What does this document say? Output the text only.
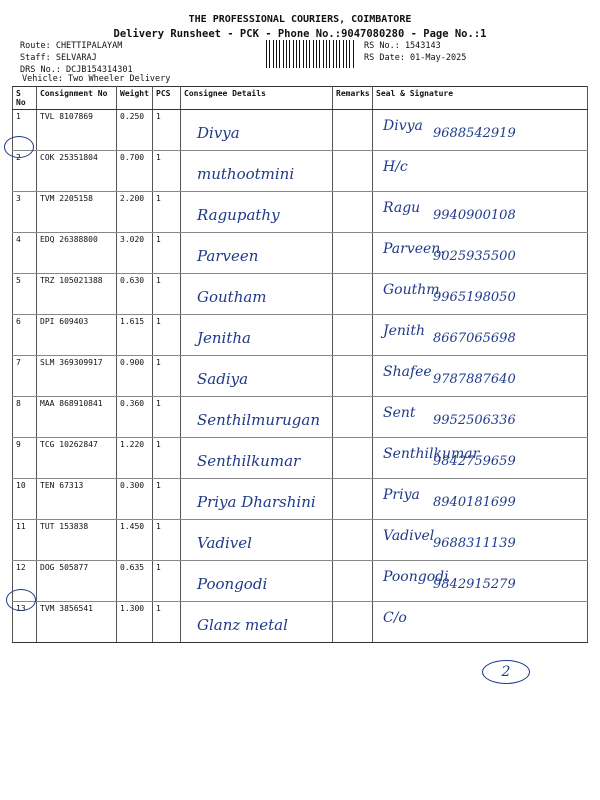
THE PROFESSIONAL COURIERS, COIMBATORE
Delivery Runsheet - PCK - Phone No.:9047080280 - Page No.:1
Route: CHETTIPALAYAM
Staff: SELVARAJ
DRS No.: DCJB154314301
Vehicle: Two Wheeler Delivery
RS No.: 1543143
RS Date: 01-May-2025
S No	Consignment No	Weight	PCS	Consignee Details	Remarks	Seal & Signature
1	TVL 8107869	0.250	1	Divya		Divya 9688542919

2	COK 25351804	0.700	1	muthootmini		H/c

3	TVM 2205158	2.200	1	Ragupathy		Ragu 9940900108

4	EDQ 26388800	3.020	1	Parveen		Parveen.
9025935500

5	TRZ 105021388	0.630	1	Goutham		Gouthm
9965198050

6	DPI 609403	1.615	1	Jenitha		Jenith 8667065698

7	SLM 369309917	0.900	1	Sadiya		Shafee 9787887640

8	MAA 868910841	0.360	1	Senthilmurugan		Sent 9952506336

9	TCG 10262847	1.220	1	Senthilkumar		Senthilkumar
9842759659

10	TEN 67313	0.300	1	Priya Dharshini		Priya 8940181699

11	TUT 153838	1.450	1	Vadivel		Vadivel
9688311139

12	DOG 505877	0.635	1	Poongodi		Poongodi
9842915279

13	TVM 3856541	1.300	1	Glanz metal		C/o
2
